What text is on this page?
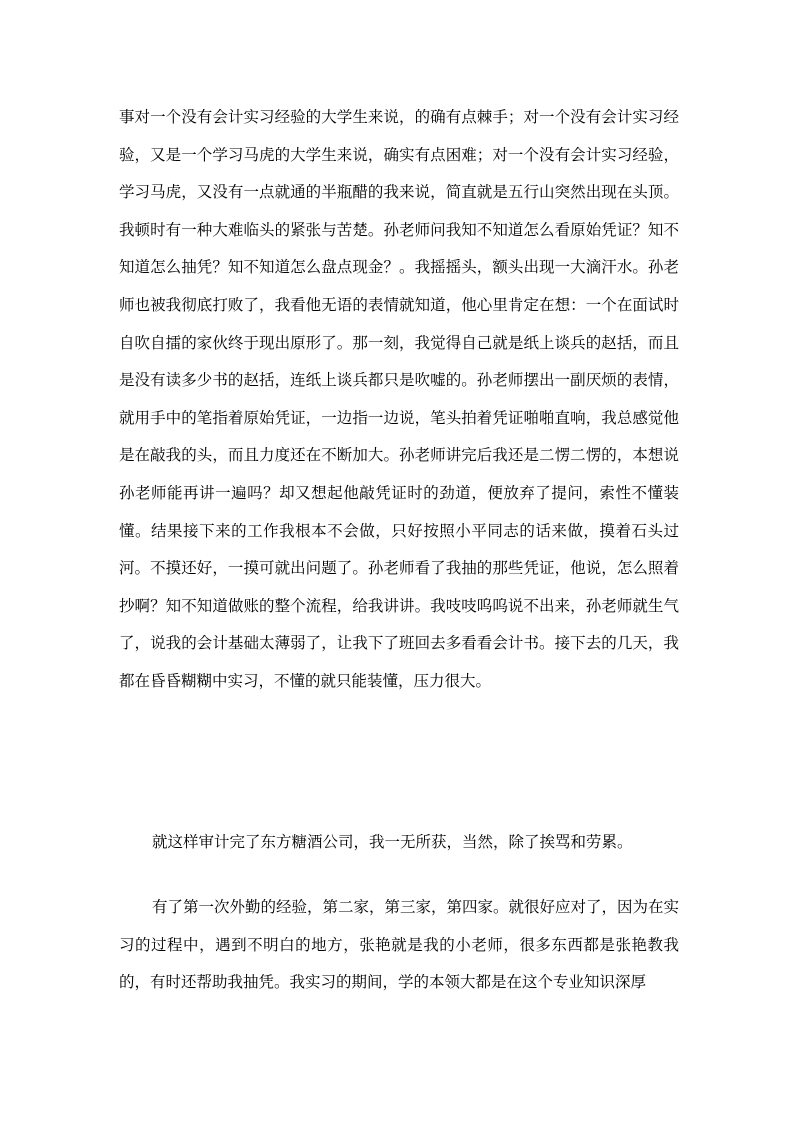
事对一个没有会计实习经验的大学生来说，的确有点棘手；对一个没有会计实习经验，又是一个学习马虎的大学生来说，确实有点困难；对一个没有会计实习经验，学习马虎，又没有一点就通的半瓶醋的我来说，简直就是五行山突然出现在头顶。我顿时有一种大难临头的紧张与苦楚。孙老师问我知不知道怎么看原始凭证？知不知道怎么抽凭？知不知道怎么盘点现金？。我摇摇头，额头出现一大滴汗水。孙老师也被我彻底打败了，我看他无语的表情就知道，他心里肯定在想：一个在面试时自吹自擂的家伙终于现出原形了。那一刻，我觉得自己就是纸上谈兵的赵括，而且是没有读多少书的赵括，连纸上谈兵都只是吹嘘的。孙老师摆出一副厌烦的表情，就用手中的笔指着原始凭证，一边指一边说，笔头拍着凭证啪啪直响，我总感觉他是在敲我的头，而且力度还在不断加大。孙老师讲完后我还是二愣二愣的，本想说孙老师能再讲一遍吗？却又想起他敲凭证时的劲道，便放弃了提问，索性不懂装懂。结果接下来的工作我根本不会做，只好按照小平同志的话来做，摸着石头过河。不摸还好，一摸可就出问题了。孙老师看了我抽的那些凭证，他说，怎么照着抄啊？知不知道做账的整个流程，给我讲讲。我吱吱呜呜说不出来，孙老师就生气了，说我的会计基础太薄弱了，让我下了班回去多看看会计书。接下去的几天，我都在昏昏糊糊中实习，不懂的就只能装懂，压力很大。

就这样审计完了东方糖酒公司，我一无所获，当然，除了挨骂和劳累。

有了第一次外勤的经验，第二家，第三家，第四家。就很好应对了，因为在实习的过程中，遇到不明白的地方，张艳就是我的小老师，很多东西都是张艳教我的，有时还帮助我抽凭。我实习的期间，学的本领大都是在这个专业知识深厚
